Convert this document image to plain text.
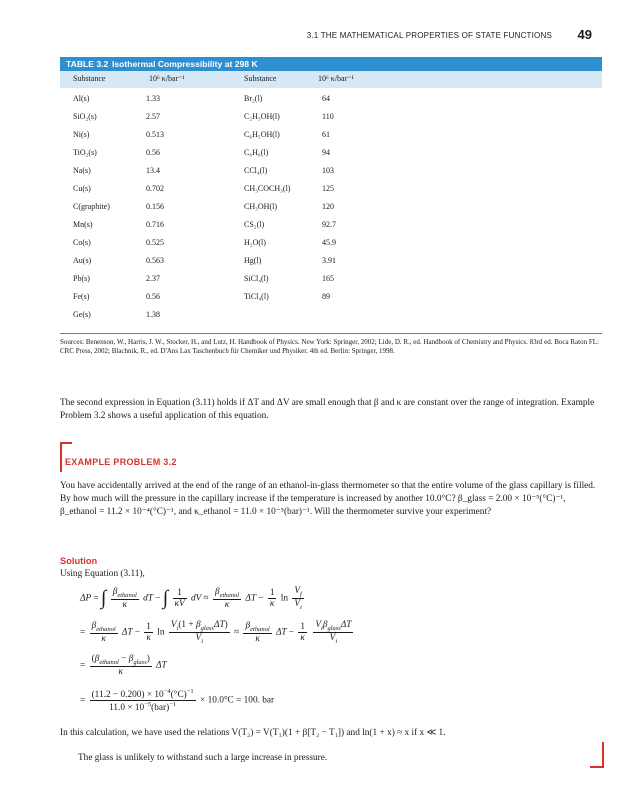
3.1 THE MATHEMATICAL PROPERTIES OF STATE FUNCTIONS 49
TABLE 3.2 Isothermal Compressibility at 298 K
Substance	10⁶ κ/bar⁻¹	Substance	10⁶ κ/bar⁻¹
Al(s)	1.33	Br₂(l)	64
SiO₂(s)	2.57	C₂H₅OH(l)	110
Ni(s)	0.513	C₆H₅OH(l)	61
TiO₂(s)	0.56	C₆H₆(l)	94
Na(s)	13.4	CCl₄(l)	103
Cu(s)	0.702	CH₃COCH₃(l)	125
C(graphite)	0.156	CH₃OH(l)	120
Mn(s)	0.716	CS₂(l)	92.7
Co(s)	0.525	H₂O(l)	45.9
Au(s)	0.563	Hg(l)	3.91
Pb(s)	2.37	SiCl₄(l)	165
Fe(s)	0.56	TiCl₄(l)	89
Ge(s)	1.38
Sources: Benenson, W., Harris, J. W., Stocker, H., and Lutz, H. Handbook of Physics. New York: Springer, 2002; Lide, D. R., ed. Handbook of Chemistry and Physics. 83rd ed. Boca Raton FL: CRC Press, 2002; Blachnik, R., ed. D'Ans Lax Taschenbuch für Chemiker und Physiker. 4th ed. Berlin: Springer, 1998.
The second expression in Equation (3.11) holds if ΔT and ΔV are small enough that β and κ are constant over the range of integration. Example Problem 3.2 shows a useful application of this equation.
EXAMPLE PROBLEM 3.2
You have accidentally arrived at the end of the range of an ethanol-in-glass thermometer so that the entire volume of the glass capillary is filled. By how much will the pressure in the capillary increase if the temperature is increased by another 10.0°C? β_glass = 2.00 × 10⁻⁵(°C)⁻¹, β_ethanol = 11.2 × 10⁻⁴(°C)⁻¹, and κ_ethanol = 11.0 × 10⁻⁵(bar)⁻¹. Will the thermometer survive your experiment?
Solution
Using Equation (3.11),
ΔP = ∫ $\frac{\beta_{ethanol}}{\kappa}$ dT − ∫ $\frac{1}{\kappa V}$ dV ≈ $\frac{\beta_{ethanol}}{\kappa}$ $\Delta T - \frac{1}{\kappa}$ $\ln \frac{V_f}{V_i}$
= $\frac{\beta_{ethanol}}{\kappa}$ $\Delta T - \frac{1}{\kappa}$ $\ln \frac{V_i(1 + \beta_{glass}\Delta T)}{V_i} \approx \frac{\beta_{ethanol}}{\kappa}$ $\Delta T - \frac{1}{\kappa}$
$\frac{V_i\beta_{glass}\Delta T}{V_i}$
= $\frac{(\beta_{ethanol} - \beta_{glass})}{\kappa}$ ΔT
= $\frac{(11.2 - 0.200) \times 10^{-4}(^\circ C)^{-1}}{11.0 \times 10^{-5}(bar)^{-1}} \times 10.0^\circ C = 100$. bar
In this calculation, we have used the relations V(T₂) = V(T₁)(1 + β[T₂ − T₁]) and ln(1 + x) ≈ x if x ≪ 1.
The glass is unlikely to withstand such a large increase in pressure.
